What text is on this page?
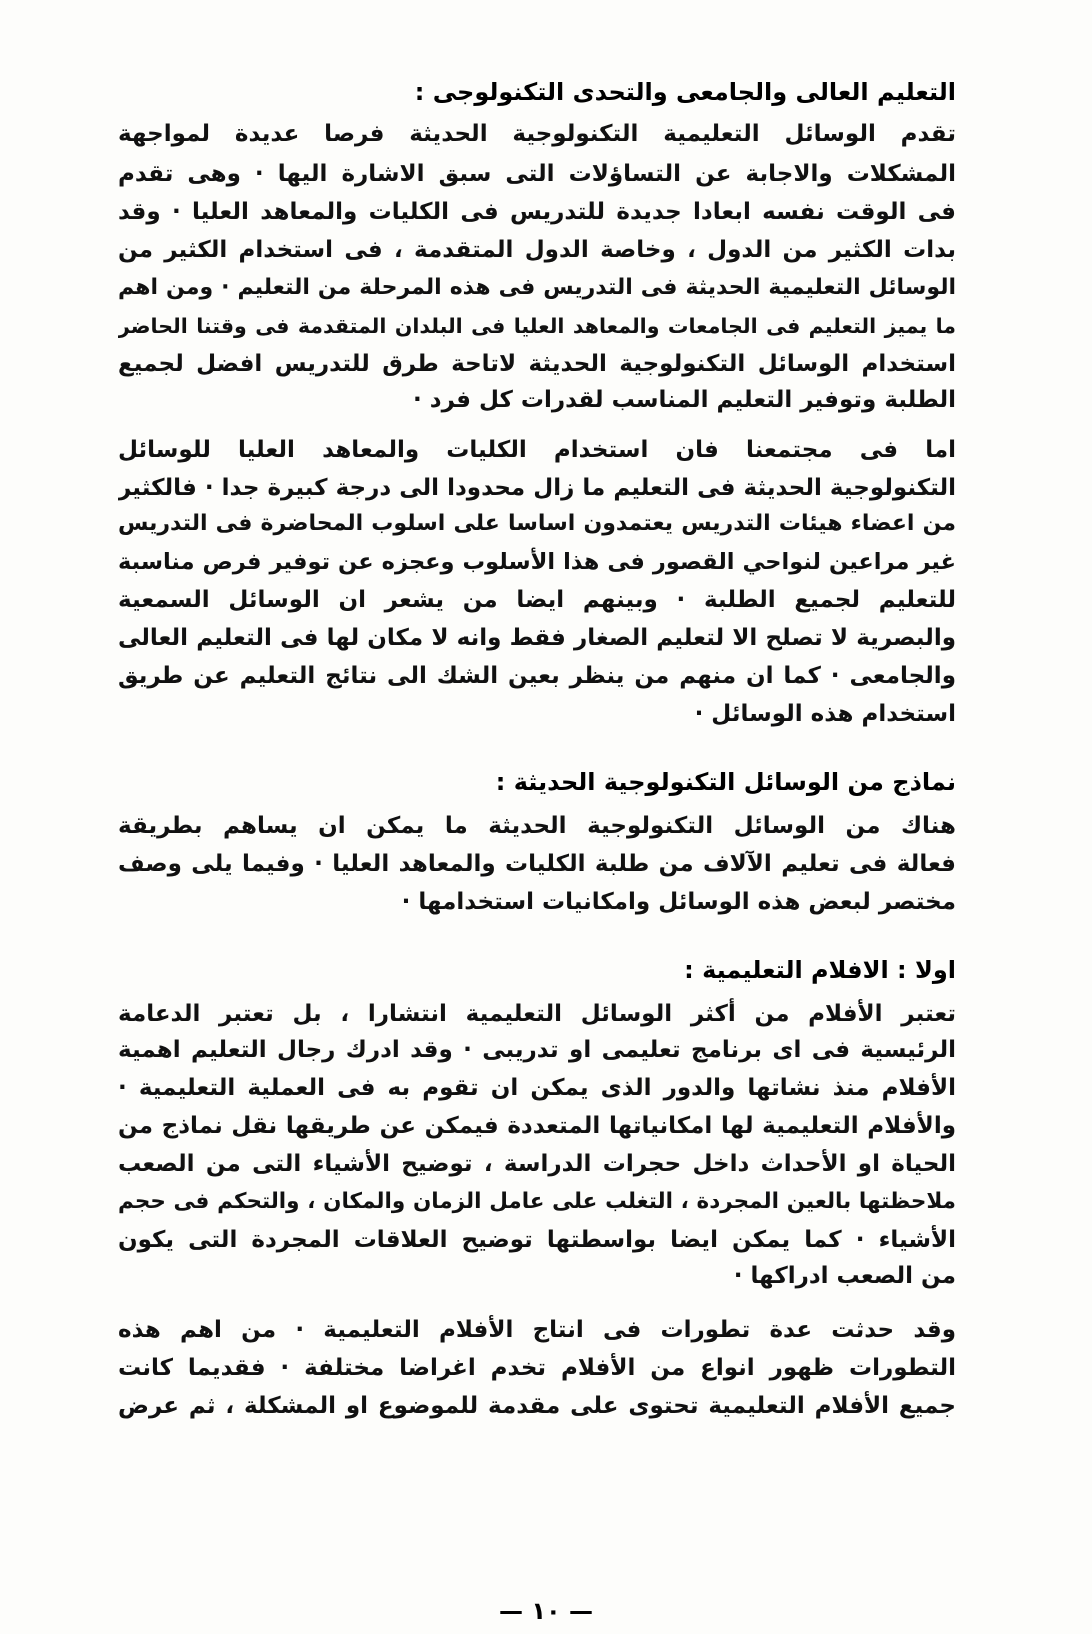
التعليم العالى والجامعى والتحدى التكنولوجى :
تقدم الوسائل التعليمية التكنولوجية الحديثة فرصا عديدة لمواجهة
المشكلات والاجابة عن التساؤلات التى سبق الاشارة اليها · وهى تقدم
فى الوقت نفسه ابعادا جديدة للتدريس فى الكليات والمعاهد العليا · وقد
بدات الكثير من الدول ، وخاصة الدول المتقدمة ، فى استخدام الكثير من
الوسائل التعليمية الحديثة فى التدريس فى هذه المرحلة من التعليم · ومن اهم
ما يميز التعليم فى الجامعات والمعاهد العليا فى البلدان المتقدمة فى وقتنا الحاضر
استخدام الوسائل التكنولوجية الحديثة لاتاحة طرق للتدريس افضل لجميع
الطلبة وتوفير التعليم المناسب لقدرات كل فرد ·
اما فى مجتمعنا فان استخدام الكليات والمعاهد العليا للوسائل
التكنولوجية الحديثة فى التعليم ما زال محدودا الى درجة كبيرة جدا · فالكثير
من اعضاء هيئات التدريس يعتمدون اساسا على اسلوب المحاضرة فى التدريس
غير مراعين لنواحي القصور فى هذا الأسلوب وعجزه عن توفير فرص مناسبة
للتعليم لجميع الطلبة · وبينهم ايضا من يشعر ان الوسائل السمعية
والبصرية لا تصلح الا لتعليم الصغار فقط وانه لا مكان لها فى التعليم العالى
والجامعى · كما ان منهم من ينظر بعين الشك الى نتائج التعليم عن طريق
استخدام هذه الوسائل ·
نماذج من الوسائل التكنولوجية الحديثة :
هناك من الوسائل التكنولوجية الحديثة ما يمكن ان يساهم بطريقة
فعالة فى تعليم الآلاف من طلبة الكليات والمعاهد العليا · وفيما يلى وصف
مختصر لبعض هذه الوسائل وامكانيات استخدامها ·
اولا : الافلام التعليمية :
تعتبر الأفلام من أكثر الوسائل التعليمية انتشارا ، بل تعتبر الدعامة
الرئيسية فى اى برنامج تعليمى او تدريبى · وقد ادرك رجال التعليم اهمية
الأفلام منذ نشاتها والدور الذى يمكن ان تقوم به فى العملية التعليمية ·
والأفلام التعليمية لها امكانياتها المتعددة فيمكن عن طريقها نقل نماذج من
الحياة او الأحداث داخل حجرات الدراسة ، توضيح الأشياء التى من الصعب
ملاحظتها بالعين المجردة ، التغلب على عامل الزمان والمكان ، والتحكم فى حجم
الأشياء · كما يمكن ايضا بواسطتها توضيح العلاقات المجردة التى يكون
من الصعب ادراكها ·
وقد حدثت عدة تطورات فى انتاج الأفلام التعليمية · من اهم هذه
التطورات ظهور انواع من الأفلام تخدم اغراضا مختلفة · فقديما كانت
جميع الأفلام التعليمية تحتوى على مقدمة للموضوع او المشكلة ، ثم عرض
— ١٠ —
